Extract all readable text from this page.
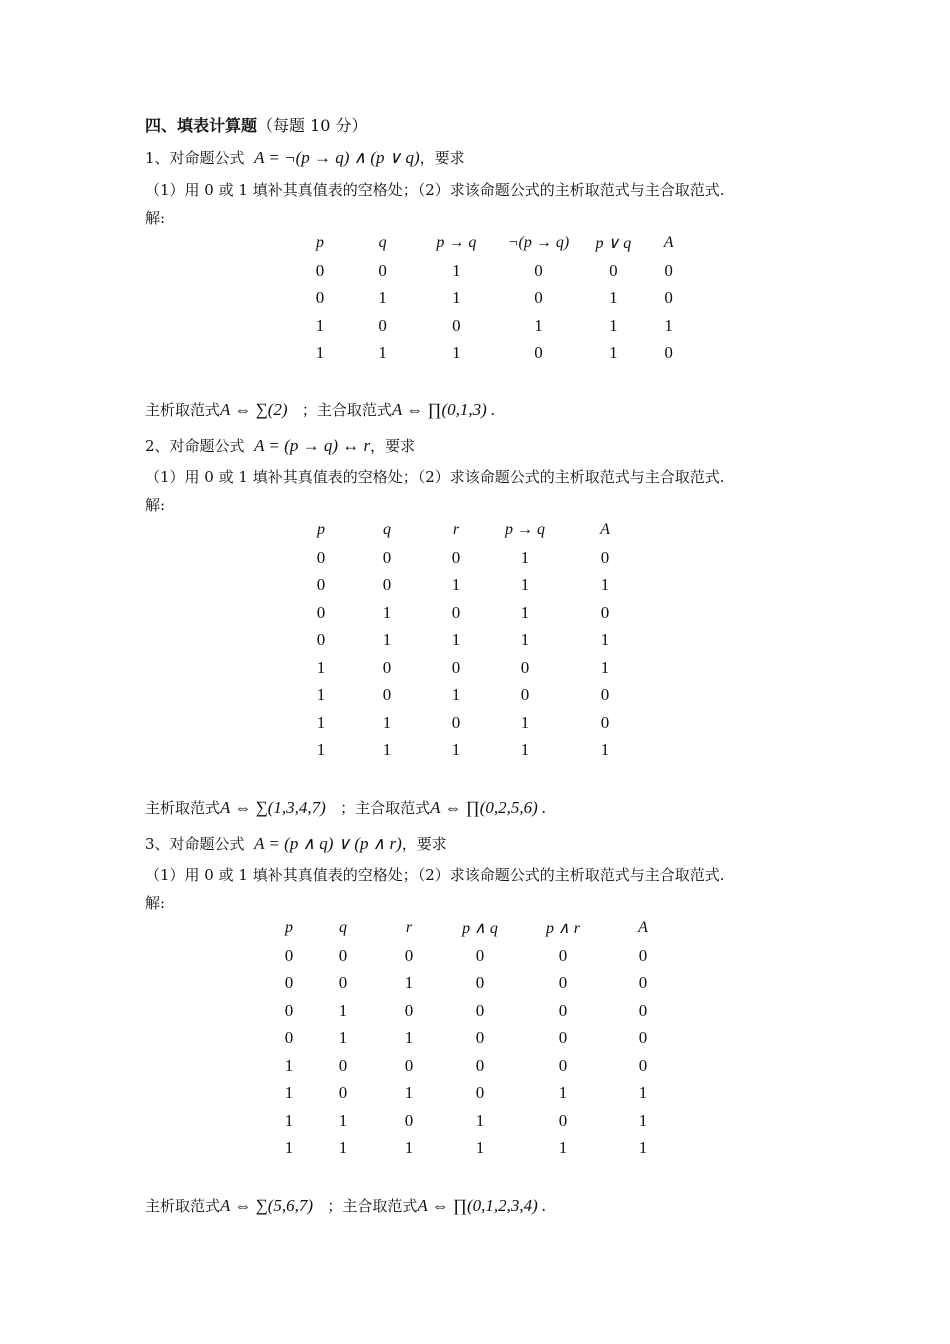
四、填表计算题（每题 10 分）
1、对命题公式 A = ¬(p → q) ∧ (p ∨ q)，要求
（1）用 0 或 1 填补其真值表的空格处；（2）求该命题公式的主析取范式与主合取范式.
解:
p	q	p → q	¬(p → q)	p ∨ q	A
0	0	1	0	0	0
0	1	1	0	1	0
1	0	0	1	1	1
1	1	1	0	1	0
主析取范式A ⇔ ∑(2) ；主合取范式A ⇔ ∏(0,1,3) .
2、对命题公式 A = (p → q) ↔ r，要求
（1）用 0 或 1 填补其真值表的空格处；（2）求该命题公式的主析取范式与主合取范式.
解:
p	q	r	p → q	A
0	0	0	1	0
0	0	1	1	1
0	1	0	1	0
0	1	1	1	1
1	0	0	0	1
1	0	1	0	0
1	1	0	1	0
1	1	1	1	1
主析取范式A ⇔ ∑(1,3,4,7) ；主合取范式A ⇔ ∏(0,2,5,6) .
3、对命题公式 A = (p ∧ q) ∨ (p ∧ r)，要求
（1）用 0 或 1 填补其真值表的空格处；（2）求该命题公式的主析取范式与主合取范式.
解:
p	q	r	p ∧ q	p ∧ r	A
0	0	0	0	0	0
0	0	1	0	0	0
0	1	0	0	0	0
0	1	1	0	0	0
1	0	0	0	0	0
1	0	1	0	1	1
1	1	0	1	0	1
1	1	1	1	1	1
主析取范式A ⇔ ∑(5,6,7) ；主合取范式A ⇔ ∏(0,1,2,3,4) .
